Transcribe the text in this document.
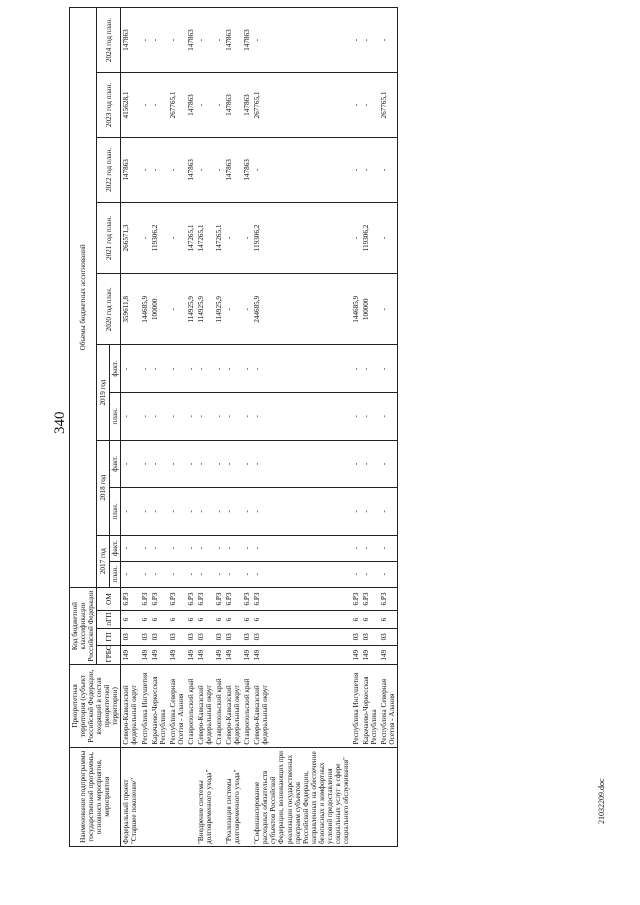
340
Наименование подпрограммы государственной программы, основного мероприятия, мероприятия	Приоритетная территория (субъект Российской Федерации, входящий в состав приоритетной территории)	Код бюджетной классификации Российской Федерации				Объемы бюджетных ассигнований										
		ГРБС	ГП	пГП	ОМ	2017 год		2018 год		2019 год		2020 год план.	2021 год план.	2022 год план.	2023 год план.	2024 год план.
						план.	факт.	план.	факт.	план.	факт.					
Федеральный проект "Старшее поколение"	Северо-Кавказский федеральный округ	149	03	6	6.Р3	-	-	-	-	-	-	359611,8	266571,3	147863	415628,1	147863
	Республика Ингушетия	149	03	6	6.Р3	-	-	-	-	-	-	144685,9	-	-	-	-
	Карачаево-Черкесская Республика	149	03	6	6.Р3	-	-	-	-	-	-	100000	119306,2	-	-	-
	Республика Северная Осетия - Алания	149	03	6	6.Р3	-	-	-	-	-	-	-	-	-	267765,1	-
	Ставропольский край	149	03	6	6.Р3	-	-	-	-	-	-	114925,9	147265,1	147863	147863	147863
"Внедрение системы долговременного ухода"	Северо-Кавказский федеральный округ	149	03	6	6.Р3	-	-	-	-	-	-	114925,9	147265,1	-	-	-
	Ставропольский край	149	03	6	6.Р3	-	-	-	-	-	-	114925,9	147265,1	-	-	-
"Реализация системы долговременного ухода"	Северо-Кавказский федеральный округ	149	03	6	6.Р3	-	-	-	-	-	-	-	-	147863	147863	147863
	Ставропольский край	149	03	6	6.Р3	-	-	-	-	-	-	-	-	147863	147863	147863
"Софинансирование расходных обязательств субъектов Российской Федерации, возникающих при реализации государственных программ субъектов Российской Федерации, направленных на обеспечение безопасных и комфортных условий предоставления социальных услуг в сфере социального обслуживания"	Северо-Кавказский федеральный округ	149	03	6	6.Р3	-	-	-	-	-	-	244685,9	119306,2	-	267765,1	-
	Республика Ингушетия	149	03	6	6.Р3	-	-	-	-	-	-	144685,9	-	-	-	-
	Карачаево-Черкесская Республика	149	03	6	6.Р3	-	-	-	-	-	-	100000	119306,2	-	-	-
	Республика Северная Осетия - Алания	149	03	6	6.Р3	-	-	-	-	-	-	-	-	-	267765,1	-
21032209.doc
